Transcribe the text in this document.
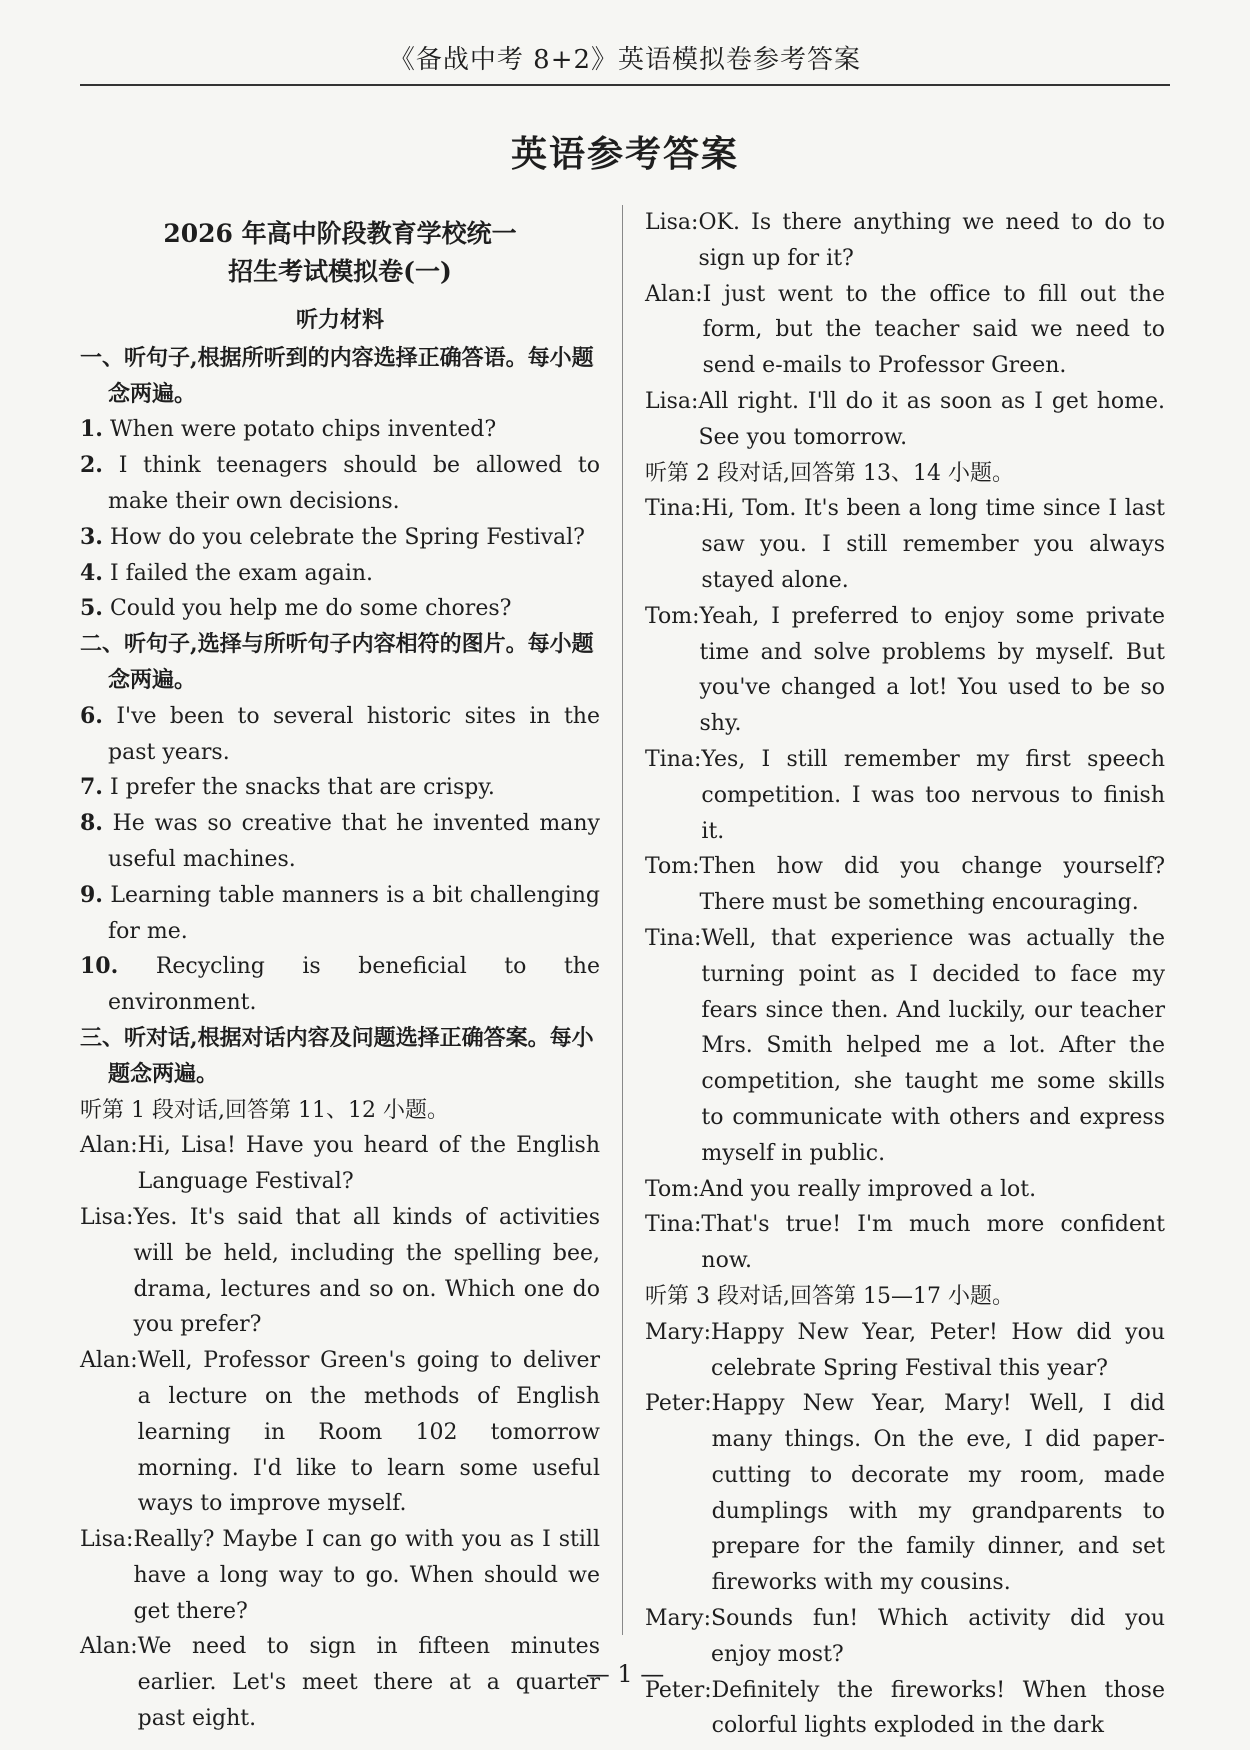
《备战中考 8+2》英语模拟卷参考答案
英语参考答案
2026 年高中阶段教育学校统一
招生考试模拟卷(一)
听力材料
一、听句子,根据所听到的内容选择正确答语。每小题念两遍。
1. When were potato chips invented?
2. I think teenagers should be allowed to make their own decisions.
3. How do you celebrate the Spring Festival?
4. I failed the exam again.
5. Could you help me do some chores?
二、听句子,选择与所听句子内容相符的图片。每小题念两遍。
6. I've been to several historic sites in the past years.
7. I prefer the snacks that are crispy.
8. He was so creative that he invented many useful machines.
9. Learning table manners is a bit challenging for me.
10. Recycling is beneficial to the environment.
三、听对话,根据对话内容及问题选择正确答案。每小题念两遍。
听第 1 段对话,回答第 11、12 小题。
Alan: Hi, Lisa! Have you heard of the English Language Festival?
Lisa: Yes. It's said that all kinds of activities will be held, including the spelling bee, drama, lectures and so on. Which one do you prefer?
Alan: Well, Professor Green's going to deliver a lecture on the methods of English learning in Room 102 tomorrow morning. I'd like to learn some useful ways to improve myself.
Lisa: Really? Maybe I can go with you as I still have a long way to go. When should we get there?
Alan: We need to sign in fifteen minutes earlier. Let's meet there at a quarter past eight.
Lisa: OK. Is there anything we need to do to sign up for it?
Alan: I just went to the office to fill out the form, but the teacher said we need to send e-mails to Professor Green.
Lisa: All right. I'll do it as soon as I get home. See you tomorrow.
听第 2 段对话,回答第 13、14 小题。
Tina: Hi, Tom. It's been a long time since I last saw you. I still remember you always stayed alone.
Tom: Yeah, I preferred to enjoy some private time and solve problems by myself. But you've changed a lot! You used to be so shy.
Tina: Yes, I still remember my first speech competition. I was too nervous to finish it.
Tom: Then how did you change yourself? There must be something encouraging.
Tina: Well, that experience was actually the turning point as I decided to face my fears since then. And luckily, our teacher Mrs. Smith helped me a lot. After the competition, she taught me some skills to communicate with others and express myself in public.
Tom: And you really improved a lot.
Tina: That's true! I'm much more confident now.
听第 3 段对话,回答第 15—17 小题。
Mary: Happy New Year, Peter! How did you celebrate Spring Festival this year?
Peter: Happy New Year, Mary! Well, I did many things. On the eve, I did paper-cutting to decorate my room, made dumplings with my grandparents to prepare for the family dinner, and set fireworks with my cousins.
Mary: Sounds fun! Which activity did you enjoy most?
Peter: Definitely the fireworks! When those colorful lights exploded in the dark
— 1 —
